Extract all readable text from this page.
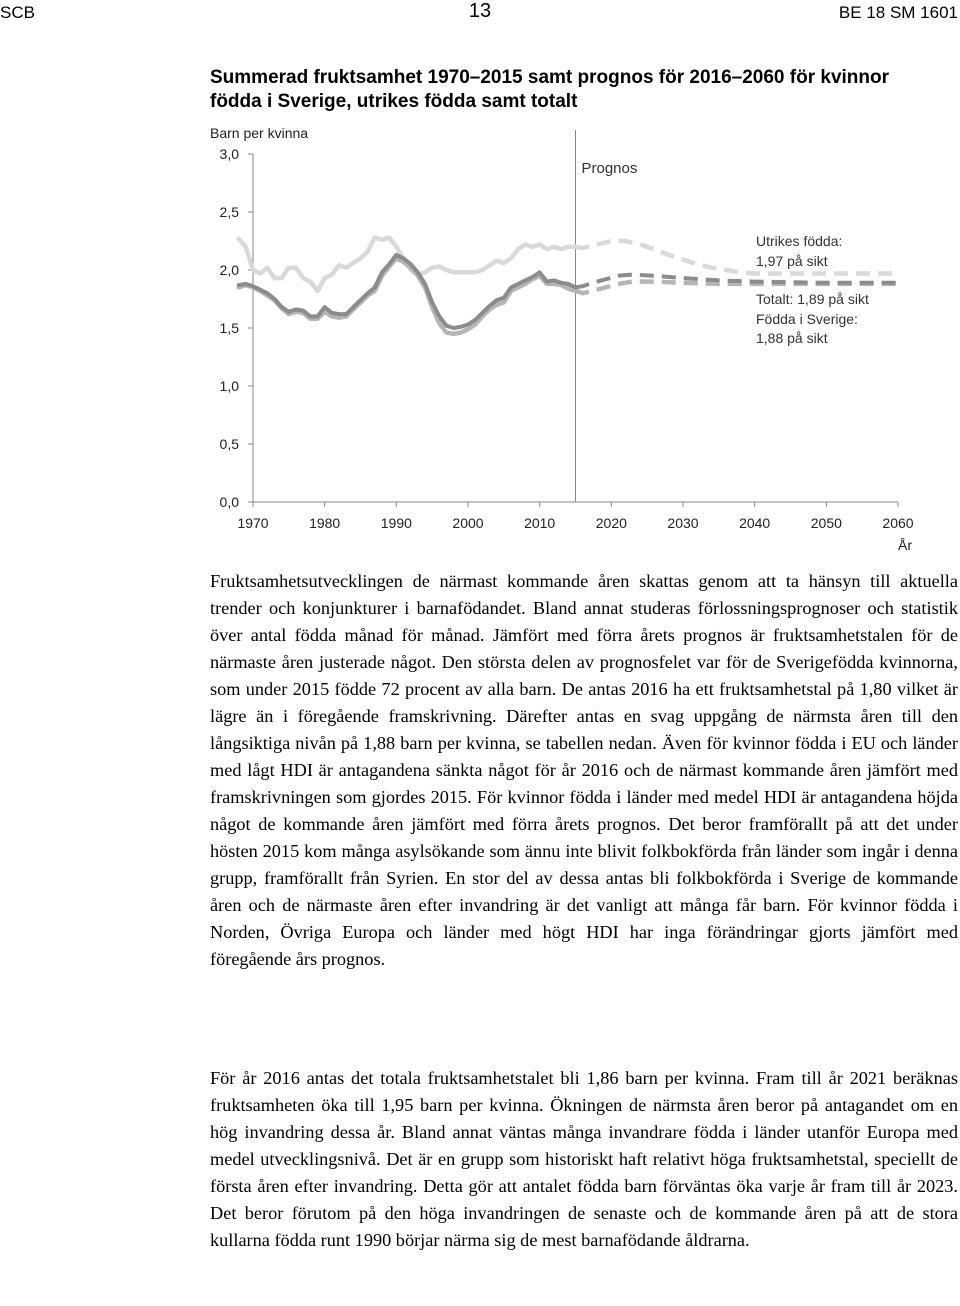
SCB	13	BE 18 SM 1601
Summerad fruktsamhet 1970–2015 samt prognos för 2016–2060 för kvinnor födda i Sverige, utrikes födda samt totalt
Barn per kvinna
0,0
0,5
1,0
1,5
2,0
2,5
3,0
1970	1980	1990	2000	2010	2020	2030	2040	2050	2060
Prognos
Utrikes födda:
1,97 på sikt
Totalt: 1,89 på sikt
Födda i Sverige:
1,88 på sikt
År

Fruktsamhetsutvecklingen de närmast kommande åren skattas genom att ta hänsyn till aktuella trender och konjunkturer i barnafödandet. Bland annat studeras förlossningsprognoser och statistik över antal födda månad för månad. Jämfört med förra årets prognos är fruktsamhetstalen för de närmaste åren justerade något. Den största delen av prognosfelet var för de Sverigefödda kvinnorna, som under 2015 födde 72 procent av alla barn. De antas 2016 ha ett fruktsamhetstal på 1,80 vilket är lägre än i föregående framskrivning. Därefter antas en svag uppgång de närmsta åren till den långsiktiga nivån på 1,88 barn per kvinna, se tabellen nedan. Även för kvinnor födda i EU och länder med lågt HDI är antagandena sänkta något för år 2016 och de närmast kommande åren jämfört med framskrivningen som gjordes 2015. För kvinnor födda i länder med medel HDI är antagandena höjda något de kommande åren jämfört med förra årets prognos. Det beror framförallt på att det under hösten 2015 kom många asylsökande som ännu inte blivit folkbokförda från länder som ingår i denna grupp, framförallt från Syrien. En stor del av dessa antas bli folkbokförda i Sverige de kommande åren och de närmaste åren efter invandring är det vanligt att många får barn. För kvinnor födda i Norden, Övriga Europa och länder med högt HDI har inga förändringar gjorts jämfört med föregående års prognos.

För år 2016 antas det totala fruktsamhetstalet bli 1,86 barn per kvinna. Fram till år 2021 beräknas fruktsamheten öka till 1,95 barn per kvinna. Ökningen de närmsta åren beror på antagandet om en hög invandring dessa år. Bland annat väntas många invandrare födda i länder utanför Europa med medel utvecklingsnivå. Det är en grupp som historiskt haft relativt höga fruktsamhetstal, speciellt de första åren efter invandring. Detta gör att antalet födda barn förväntas öka varje år fram till år 2023. Det beror förutom på den höga invandringen de senaste och de kommande åren på att de stora kullarna födda runt 1990 börjar närma sig de mest barnafödande åldrarna.
